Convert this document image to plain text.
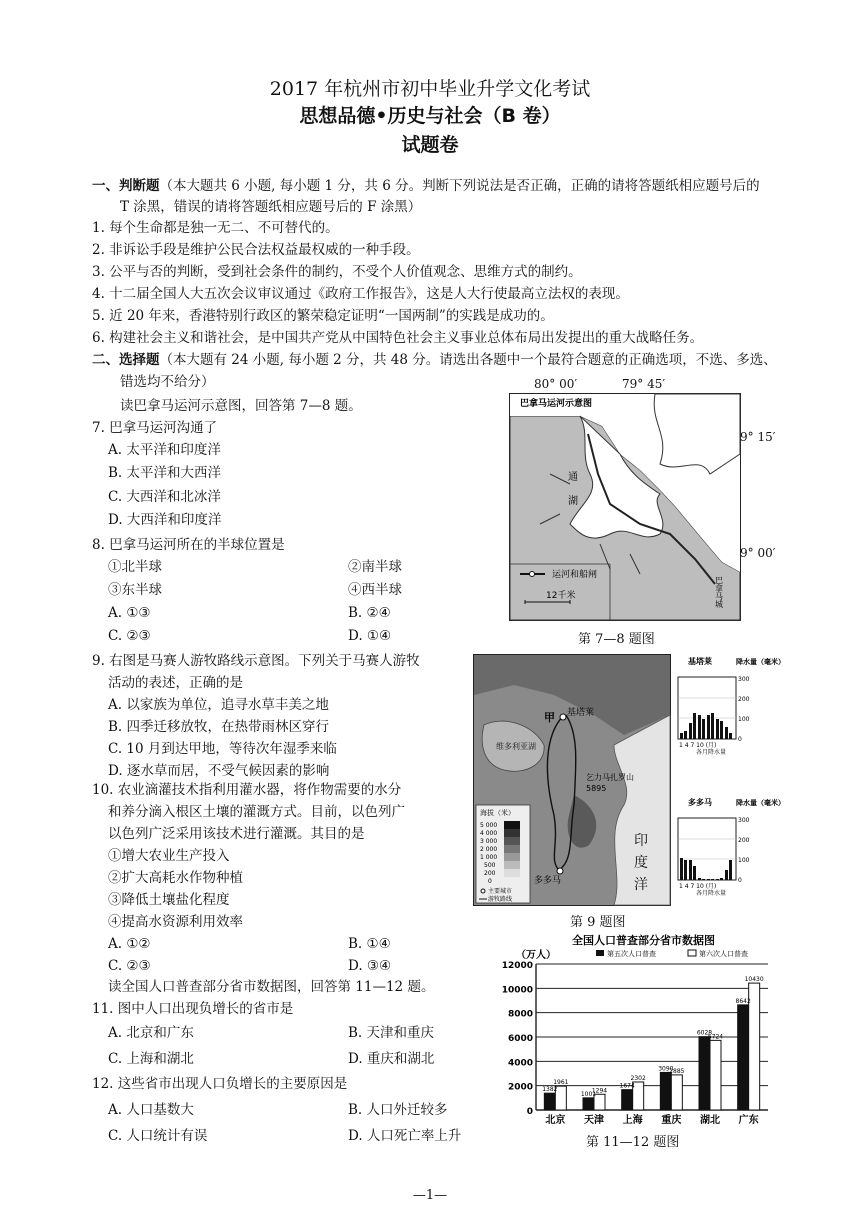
2017 年杭州市初中毕业升学文化考试
思想品德•历史与社会（B 卷）
试题卷
一、判断题（本大题共 6 小题, 每小题 1 分，共 6 分。判断下列说法是否正确，正确的请将答题纸相应题号后的
T 涂黑，错误的请将答题纸相应题号后的 F 涂黑）
1. 每个生命都是独一无二、不可替代的。
2. 非诉讼手段是维护公民合法权益最权威的一种手段。
3. 公平与否的判断，受到社会条件的制约，不受个人价值观念、思维方式的制约。
4. 十二届全国人大五次会议审议通过《政府工作报告》，这是人大行使最高立法权的表现。
5. 近 20 年来，香港特别行政区的繁荣稳定证明“一国两制”的实践是成功的。
6. 构建社会主义和谐社会，是中国共产党从中国特色社会主义事业总体布局出发提出的重大战略任务。
二、选择题（本大题有 24 小题, 每小题 2 分，共 48 分。请选出各题中一个最符合题意的正确选项，不选、多选、
错选均不给分）
读巴拿马运河示意图，回答第 7—8 题。
7. 巴拿马运河沟通了
A. 太平洋和印度洋
B. 太平洋和大西洋
C. 大西洋和北冰洋
D. 大西洋和印度洋
8. 巴拿马运河所在的半球位置是
①北半球	②南半球
③东半球	④西半球
A. ①③	B. ②④
C. ②③	D. ①④
80° 00′	79° 45′
巴拿马运河示意图
通
湖
巴拿马城
运河和船闸
12千米
9° 15′
9° 00′
第 7—8 题图
9. 右图是马赛人游牧路线示意图。下列关于马赛人游牧
活动的表述，正确的是
A. 以家族为单位，追寻水草丰美之地
B. 四季迁移放牧，在热带雨林区穿行
C. 10 月到达甲地，等待次年湿季来临
D. 逐水草而居，不受气候因素的影响
基塔莱
甲
多多马
乞力马扎罗山
5895
维多利亚湖
印
度
洋
海拔（米）
5 000
4 000
3 000
2 000
1 000
500
200
0
主要城市
游牧路线
基塔莱	降水量（毫米）
300
200
100
0
1 4 7 10 (月)
各月降水量
多多马	降水量（毫米）
300
200
100
0
1 4 7 10 (月)
各月降水量
第 9 题图
10. 农业滴灌技术指利用灌水器，将作物需要的水分
和养分滴入根区土壤的灌溉方式。目前，以色列广
以色列广泛采用该技术进行灌溉。其目的是
①增大农业生产投入
②扩大高耗水作物种植
③降低土壤盐化程度
④提高水资源利用效率
A. ①②	B. ①④
C. ②③	D. ③④
读全国人口普查部分省市数据图，回答第 11—12 题。
11. 图中人口出现负增长的省市是
A. 北京和广东	B. 天津和重庆
C. 上海和湖北	D. 重庆和湖北
12. 这些省市出现人口负增长的主要原因是
A. 人口基数大	B. 人口外迁较多
C. 人口统计有误	D. 人口死亡率上升
全国人口普查部分省市数据图
（万人）	第五次人口普查	第六次人口普查
0
2000
4000
6000
8000
10000
12000
1382
1961
1001
1294
1674
2302
3090
2885
6028
5724
8642
10430
北京 天津 上海 重庆 湖北 广东
第 11—12 题图
—1—
